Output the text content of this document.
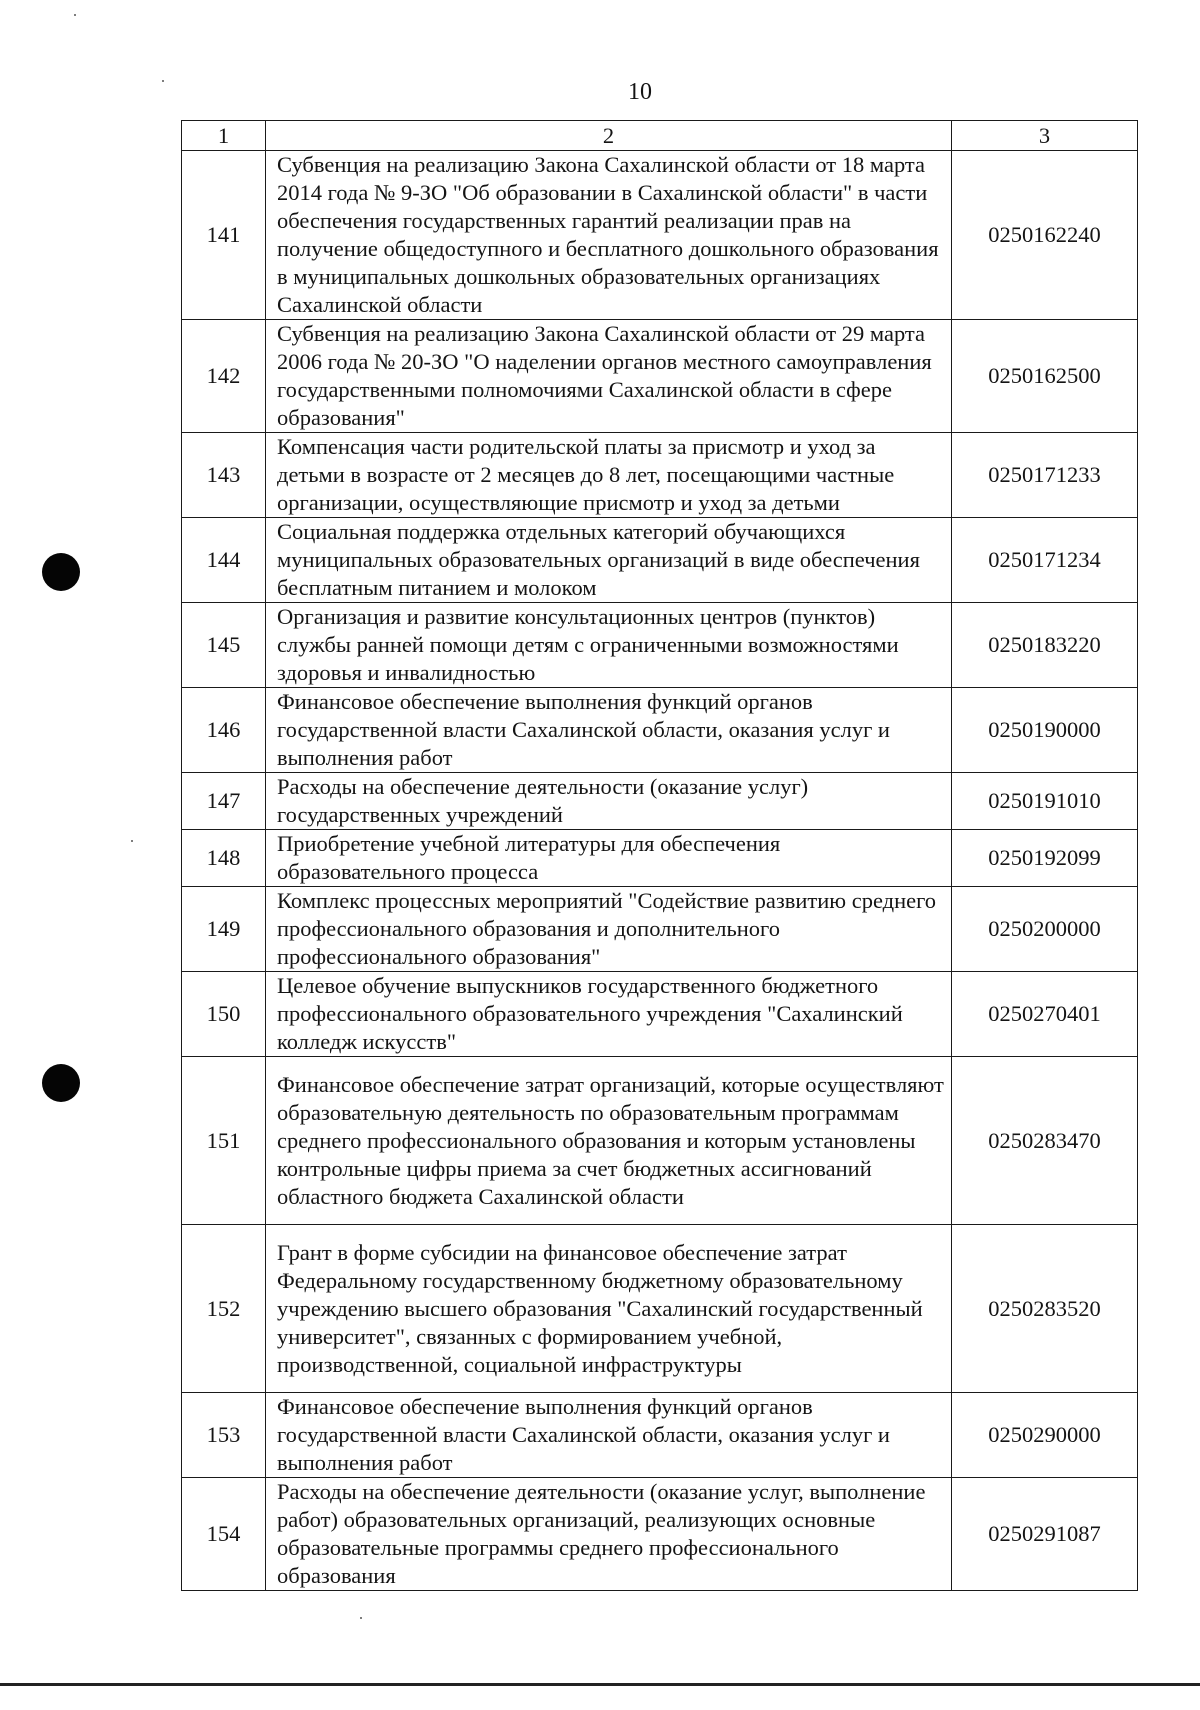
10
1	2	3
141	Субвенция на реализацию Закона Сахалинской области от 18 марта 2014 года № 9-ЗО "Об образовании в Сахалинской области" в части обеспечения государственных гарантий реализации прав на получение общедоступного и бесплатного дошкольного образования в муниципальных дошкольных образовательных организациях Сахалинской области	0250162240
142	Субвенция на реализацию Закона Сахалинской области от 29 марта 2006 года № 20-ЗО "О наделении органов местного самоуправления государственными полномочиями Сахалинской области в сфере образования"	0250162500
143	Компенсация части родительской платы за присмотр и уход за детьми в возрасте от 2 месяцев до 8 лет, посещающими частные организации, осуществляющие присмотр и уход за детьми	0250171233
144	Социальная поддержка отдельных категорий обучающихся муниципальных образовательных организаций в виде обеспечения бесплатным питанием и молоком	0250171234
145	Организация и развитие консультационных центров (пунктов) службы ранней помощи детям с ограниченными возможностями здоровья и инвалидностью	0250183220
146	Финансовое обеспечение выполнения функций органов государственной власти Сахалинской области, оказания услуг и выполнения работ	0250190000
147	Расходы на обеспечение деятельности (оказание услуг) государственных учреждений	0250191010
148	Приобретение учебной литературы для обеспечения образовательного процесса	0250192099
149	Комплекс процессных мероприятий "Содействие развитию среднего профессионального образования и дополнительного профессионального образования"	0250200000
150	Целевое обучение выпускников государственного бюджетного профессионального образовательного учреждения "Сахалинский колледж искусств"	0250270401
151	Финансовое обеспечение затрат организаций, которые осуществляют образовательную деятельность по образовательным программам среднего профессионального образования и которым установлены контрольные цифры приема за счет бюджетных ассигнований областного бюджета Сахалинской области	0250283470
152	Грант в форме субсидии на финансовое обеспечение затрат Федеральному государственному бюджетному образовательному учреждению высшего образования "Сахалинский государственный университет", связанных с формированием учебной, производственной, социальной инфраструктуры	0250283520
153	Финансовое обеспечение выполнения функций органов государственной власти Сахалинской области, оказания услуг и выполнения работ	0250290000
154	Расходы на обеспечение деятельности (оказание услуг, выполнение работ) образовательных организаций, реализующих основные образовательные программы среднего профессионального образования	0250291087
